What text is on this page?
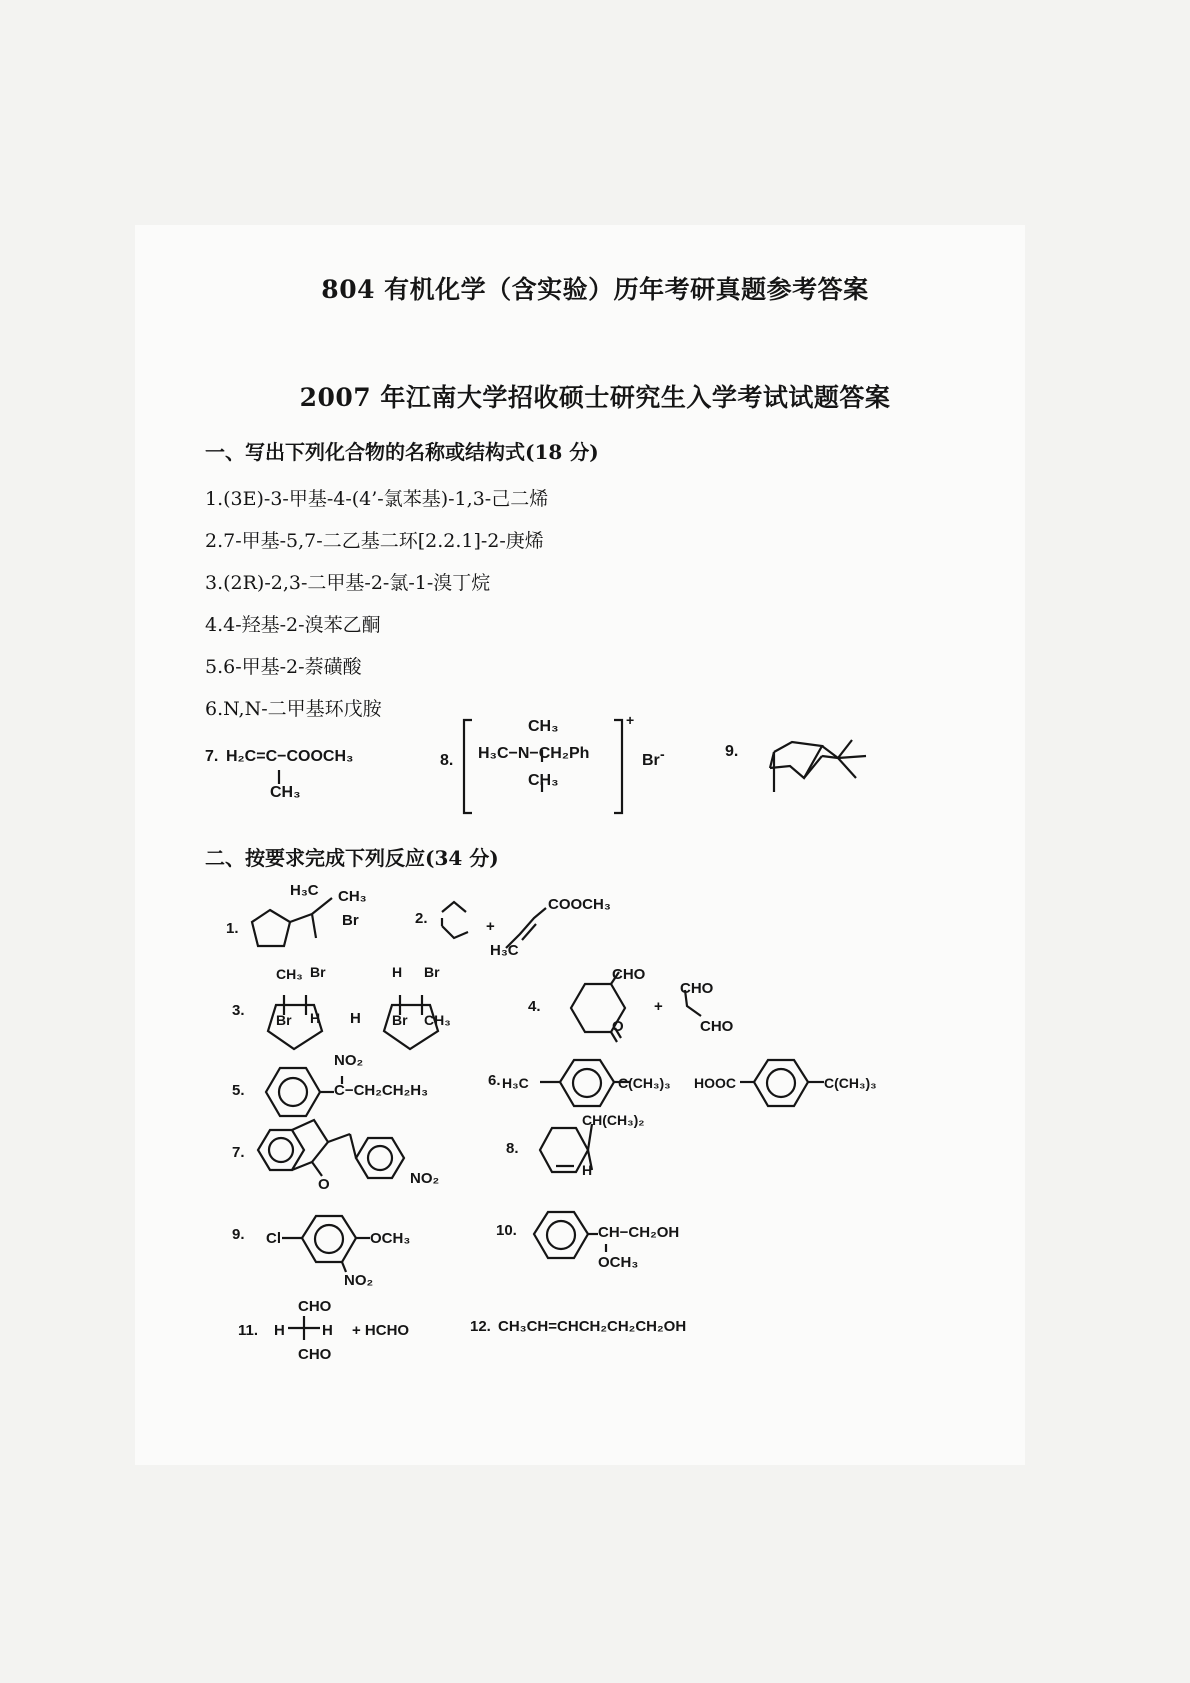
804 有机化学（含实验）历年考研真题参考答案
2007 年江南大学招收硕士研究生入学考试试题答案
一、写出下列化合物的名称或结构式(18 分)
1.(3E)-3-甲基-4-(4’-氯苯基)-1,3-己二烯
2.7-甲基-5,7-二乙基二环[2.2.1]-2-庚烯
3.(2R)-2,3-二甲基-2-氯-1-溴丁烷
4.4-羟基-2-溴苯乙酮
5.6-甲基-2-萘磺酸
6.N,N-二甲基环戊胺
7. H₂C=C−COOCH₃
CH₃
8.
CH₃
H₃C−N−CH₂Ph
CH₃
+
Br -	9.
二、按要求完成下列反应(34 分)
1.
H₃C CH₃
Br	2.	+
COOCH₃
H₃C
3.
CH₃ Br
Br H H
H Br
Br CH₃
4.
CHO
O
+
CHO
CHO
5.
NO₂
C−CH₂CH₂H₃
6. H₃C	C(CH₃)₃ HOOC	C(CH₃)₃
7.
O	NO₂
8.
CH(CH₃)₂
H
9. Cl	OCH₃
NO₂
10.	CH−CH₂OH
OCH₃
11.
CHO
H H
CHO
+ HCHO	12. CH₃CH=CHCH₂CH₂CH₂OH
